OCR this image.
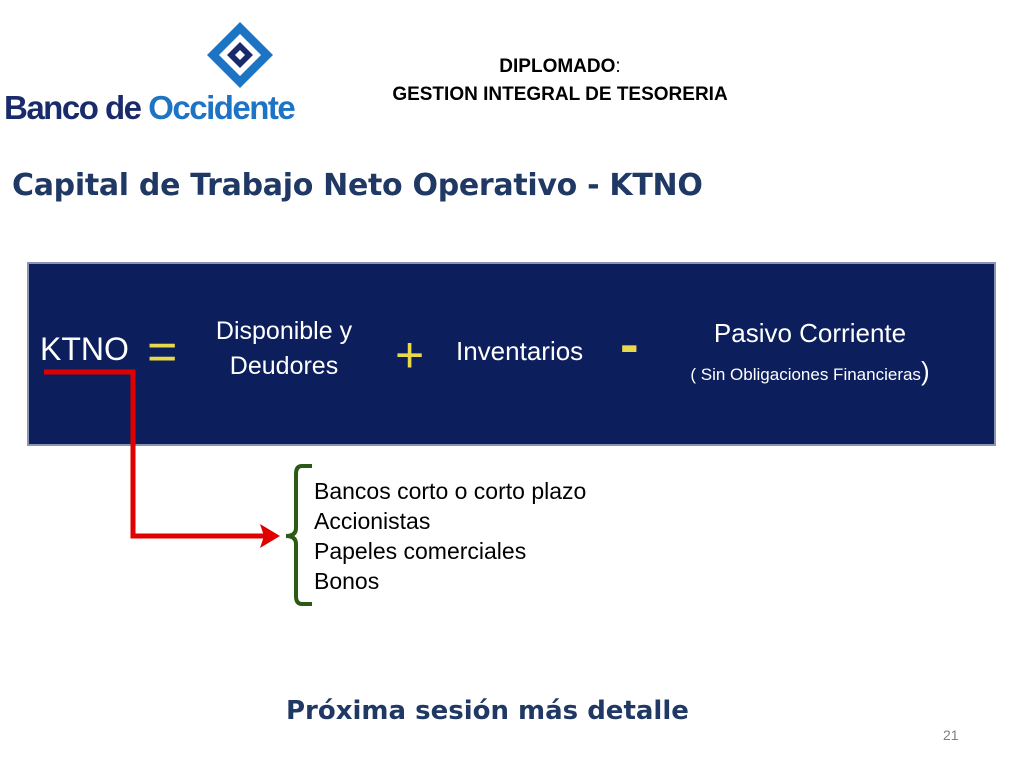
Banco de Occidente
DIPLOMADO:
GESTION INTEGRAL DE TESORERIA
Capital de Trabajo Neto Operativo - KTNO
KTNO =	Disponible y
Deudores	+ Inventarios -	Pasivo Corriente
( Sin Obligaciones Financieras)
Bancos corto o corto plazo
Accionistas
Papeles comerciales
Bonos
Próxima sesión más detalle
21
